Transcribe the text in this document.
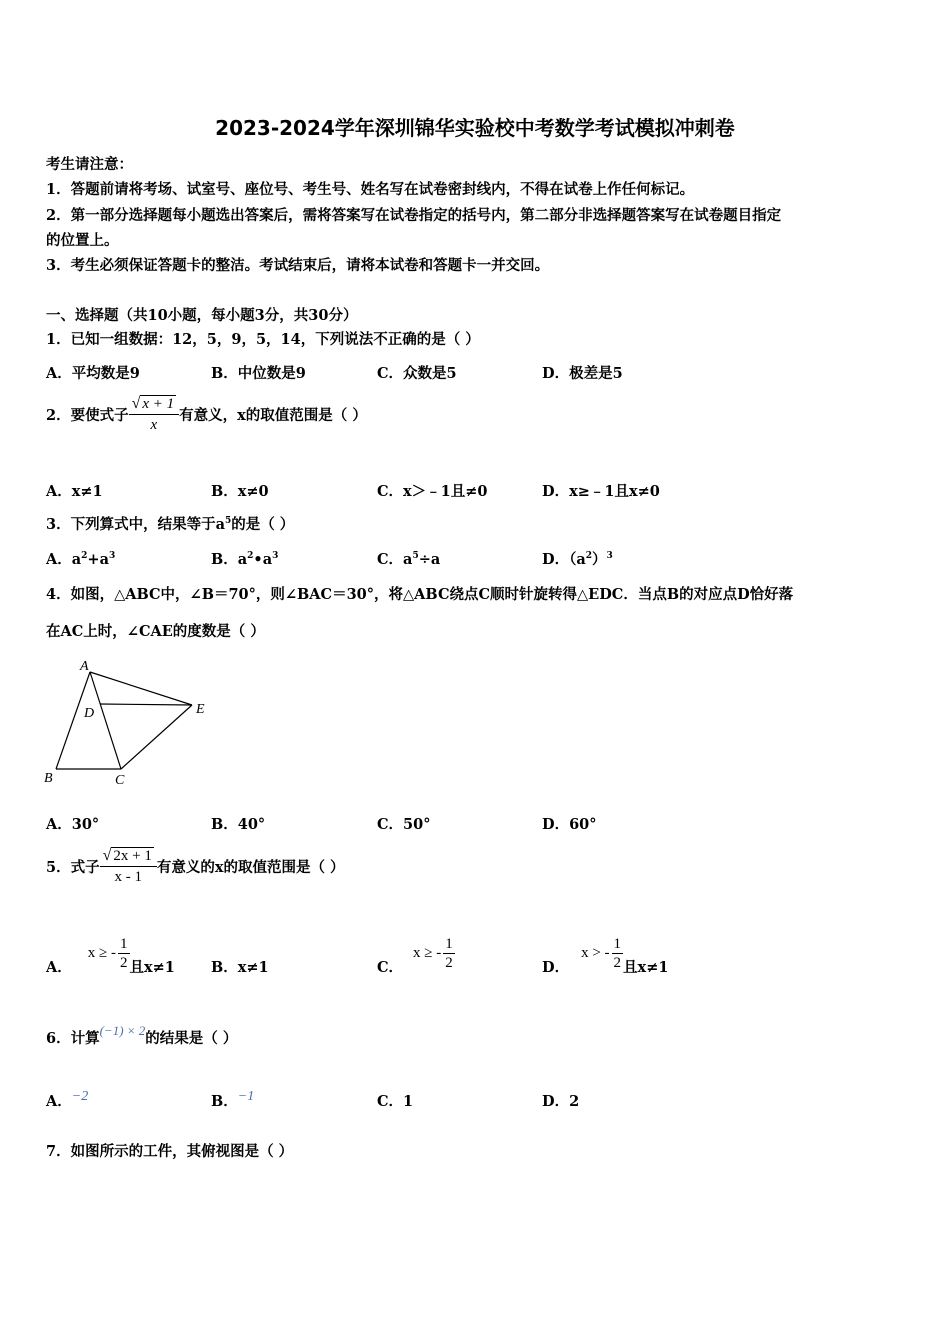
2023-2024学年深圳锦华实验校中考数学考试模拟冲刺卷
考生请注意：
1．答题前请将考场、试室号、座位号、考生号、姓名写在试卷密封线内，不得在试卷上作任何标记。
2．第一部分选择题每小题选出答案后，需将答案写在试卷指定的括号内，第二部分非选择题答案写在试卷题目指定
的位置上。
3．考生必须保证答题卡的整洁。考试结束后，请将本试卷和答题卡一并交回。
一、选择题（共10小题，每小题3分，共30分）
1．已知一组数据：12，5，9，5，14，下列说法不正确的是（ ）
A．平均数是9	B．中位数是9	C．众数是5	D．极差是5
2．要使式子 $\frac{√ x + 1}{x}$ 有意义，x的取值范围是（ ）
A．x≠1	B．x≠0	C．x＞﹣1且≠0	D．x≥﹣1且x≠0
3．下列算式中，结果等于$a^5$的是（ ）
A．$a^2+a^3$	B．$a^2•a^3$	C．$a^5\div a$	D．$(a^2)^3$
4．如图，△ABC中，∠B＝70°，则∠BAC＝30°，将△ABC绕点C顺时针旋转得△EDC．当点B的对应点D恰好落
在AC上时，∠CAE的度数是（ ）
A
D	E
B	C
A．30°	B．40°	C．50°	D．60°
5．式子 $\frac{√ 2x + 1}{x - 1}$ 有意义的x的取值范围是（ ）
A．
x ≥ - $\frac{1}{2}$ 且x≠1 B．x≠1	C．
x ≥ - $\frac{1}{2}$	D．
x > - $\frac{1}{2}$ 且x≠1
6．计算(−1) × 2的结果是（ ）
A．−2	B．−1	C．1	D．2
7．如图所示的工件，其俯视图是（ ）
